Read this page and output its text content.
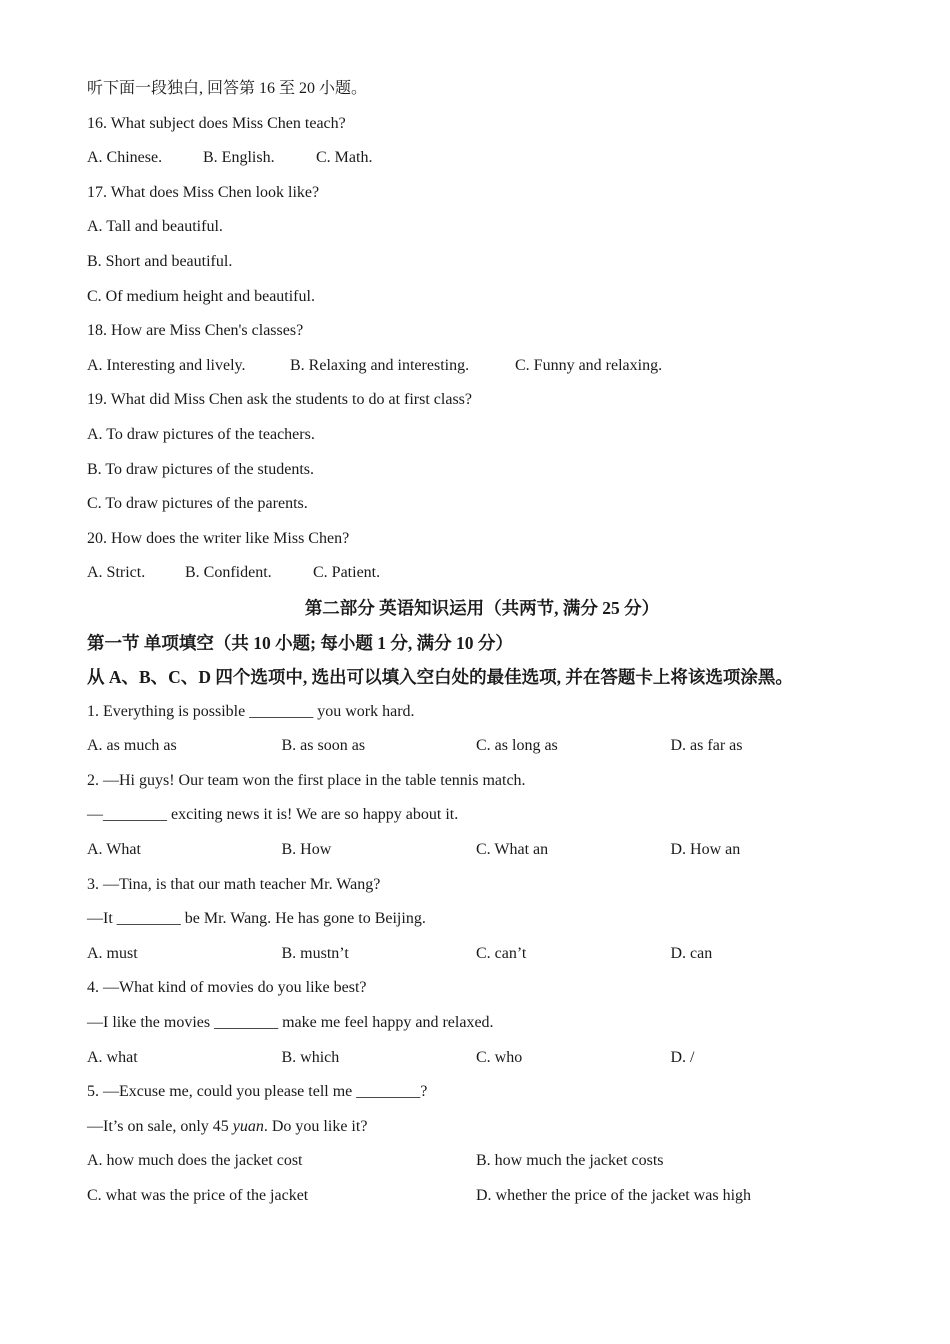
听下面一段独白, 回答第 16 至 20 小题。
16. What subject does Miss Chen teach?
A. Chinese.	B. English.	C. Math.
17. What does Miss Chen look like?
A. Tall and beautiful.
B. Short and beautiful.
C. Of medium height and beautiful.
18. How are Miss Chen's classes?
A. Interesting and lively.	B. Relaxing and interesting.	C. Funny and relaxing.
19. What did Miss Chen ask the students to do at first class?
A. To draw pictures of the teachers.
B. To draw pictures of the students.
C. To draw pictures of the parents.
20. How does the writer like Miss Chen?
A. Strict.	B. Confident.	C. Patient.
第二部分 英语知识运用（共两节, 满分 25 分）
第一节 单项填空（共 10 小题; 每小题 1 分, 满分 10 分）
从 A、B、C、D 四个选项中, 选出可以填入空白处的最佳选项, 并在答题卡上将该选项涂黑。
1. Everything is possible ________ you work hard.
A. as much as	B. as soon as	C. as long as	D. as far as
2. —Hi guys! Our team won the first place in the table tennis match.
—________ exciting news it is! We are so happy about it.
A. What	B. How	C. What an	D. How an
3. —Tina, is that our math teacher Mr. Wang?
—It ________ be Mr. Wang. He has gone to Beijing.
A. must	B. mustn’t	C. can’t	D. can
4. —What kind of movies do you like best?
—I like the movies ________ make me feel happy and relaxed.
A. what	B. which	C. who	D. /
5. —Excuse me, could you please tell me ________?
—It’s on sale, only 45 yuan. Do you like it?
A. how much does the jacket cost	B. how much the jacket costs
C. what was the price of the jacket	D. whether the price of the jacket was high
